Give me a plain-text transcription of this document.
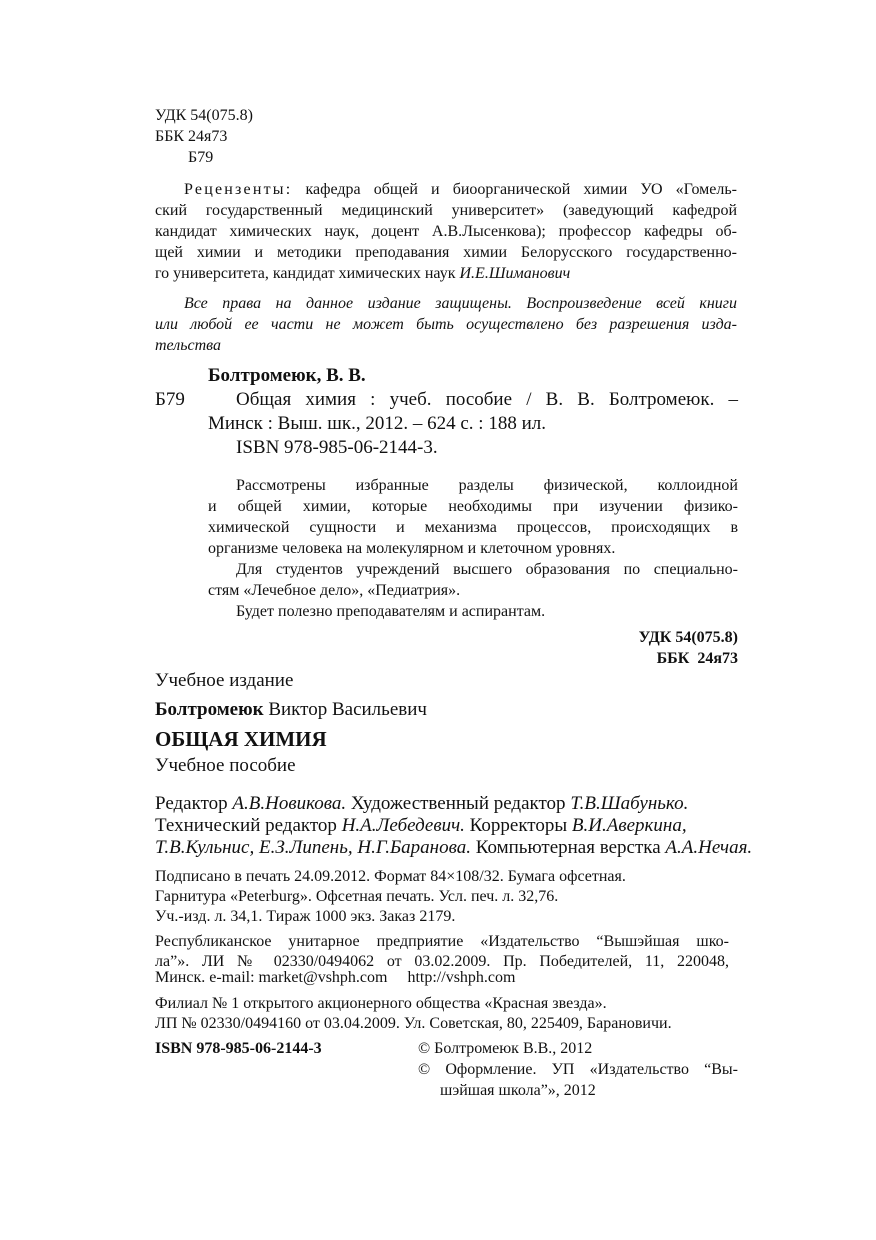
УДК 54(075.8)
ББК 24я73
Б79
Рецензенты: кафедра общей и биоорганической химии УО «Гомель-
ский государственный медицинский университет» (заведующий кафедрой
кандидат химических наук, доцент А.В.Лысенкова); профессор кафедры об-
щей химии и методики преподавания химии Белорусского государственно-
го университета, кандидат химических наук И.Е.Шиманович
Все права на данное издание защищены. Воспроизведение всей книги
или любой ее части не может быть осуществлено без разрешения изда-
тельства
Болтромеюк, В. В.
Б79	Общая химия : учеб. пособие / В. В. Болтромеюк. –
Минск : Выш. шк., 2012. – 624 с. : 188 ил.
ISBN 978-985-06-2144-3.
Рассмотрены избранные разделы физической, коллоидной
и общей химии, которые необходимы при изучении физико-
химической сущности и механизма процессов, происходящих в
организме человека на молекулярном и клеточном уровнях.
Для студентов учреждений высшего образования по специально-
стям «Лечебное дело», «Педиатрия».
Будет полезно преподавателям и аспирантам.
УДК 54(075.8)
ББК  24я73
Учебное издание
Болтромеюк Виктор Васильевич
ОБЩАЯ ХИМИЯ
Учебное пособие
Редактор А.В.Новикова. Художественный редактор Т.В.Шабунько.
Технический редактор Н.А.Лебедевич. Корректоры В.И.Аверкина,
Т.В.Кульнис, Е.З.Липень, Н.Г.Баранова. Компьютерная верстка А.А.Нечая.
Подписано в печать 24.09.2012. Формат 84×108/32. Бумага офсетная.
Гарнитура «Peterburg». Офсетная печать. Усл. печ. л. 32,76.
Уч.-изд. л. 34,1. Тираж 1000 экз. Заказ 2179.
Республиканское унитарное предприятие «Издательство “Вышэйшая шко-
ла”». ЛИ № 02330/0494062 от 03.02.2009. Пр. Победителей, 11, 220048,
Минск. e-mail: market@vshph.com     http://vshph.com
Филиал № 1 открытого акционерного общества «Красная звезда».
ЛП № 02330/0494160 от 03.04.2009. Ул. Советская, 80, 225409, Барановичи.
ISBN 978-985-06-2144-3	© Болтромеюк В.В., 2012
© Оформление. УП «Издательство “Вы-
шэйшая школа”», 2012
